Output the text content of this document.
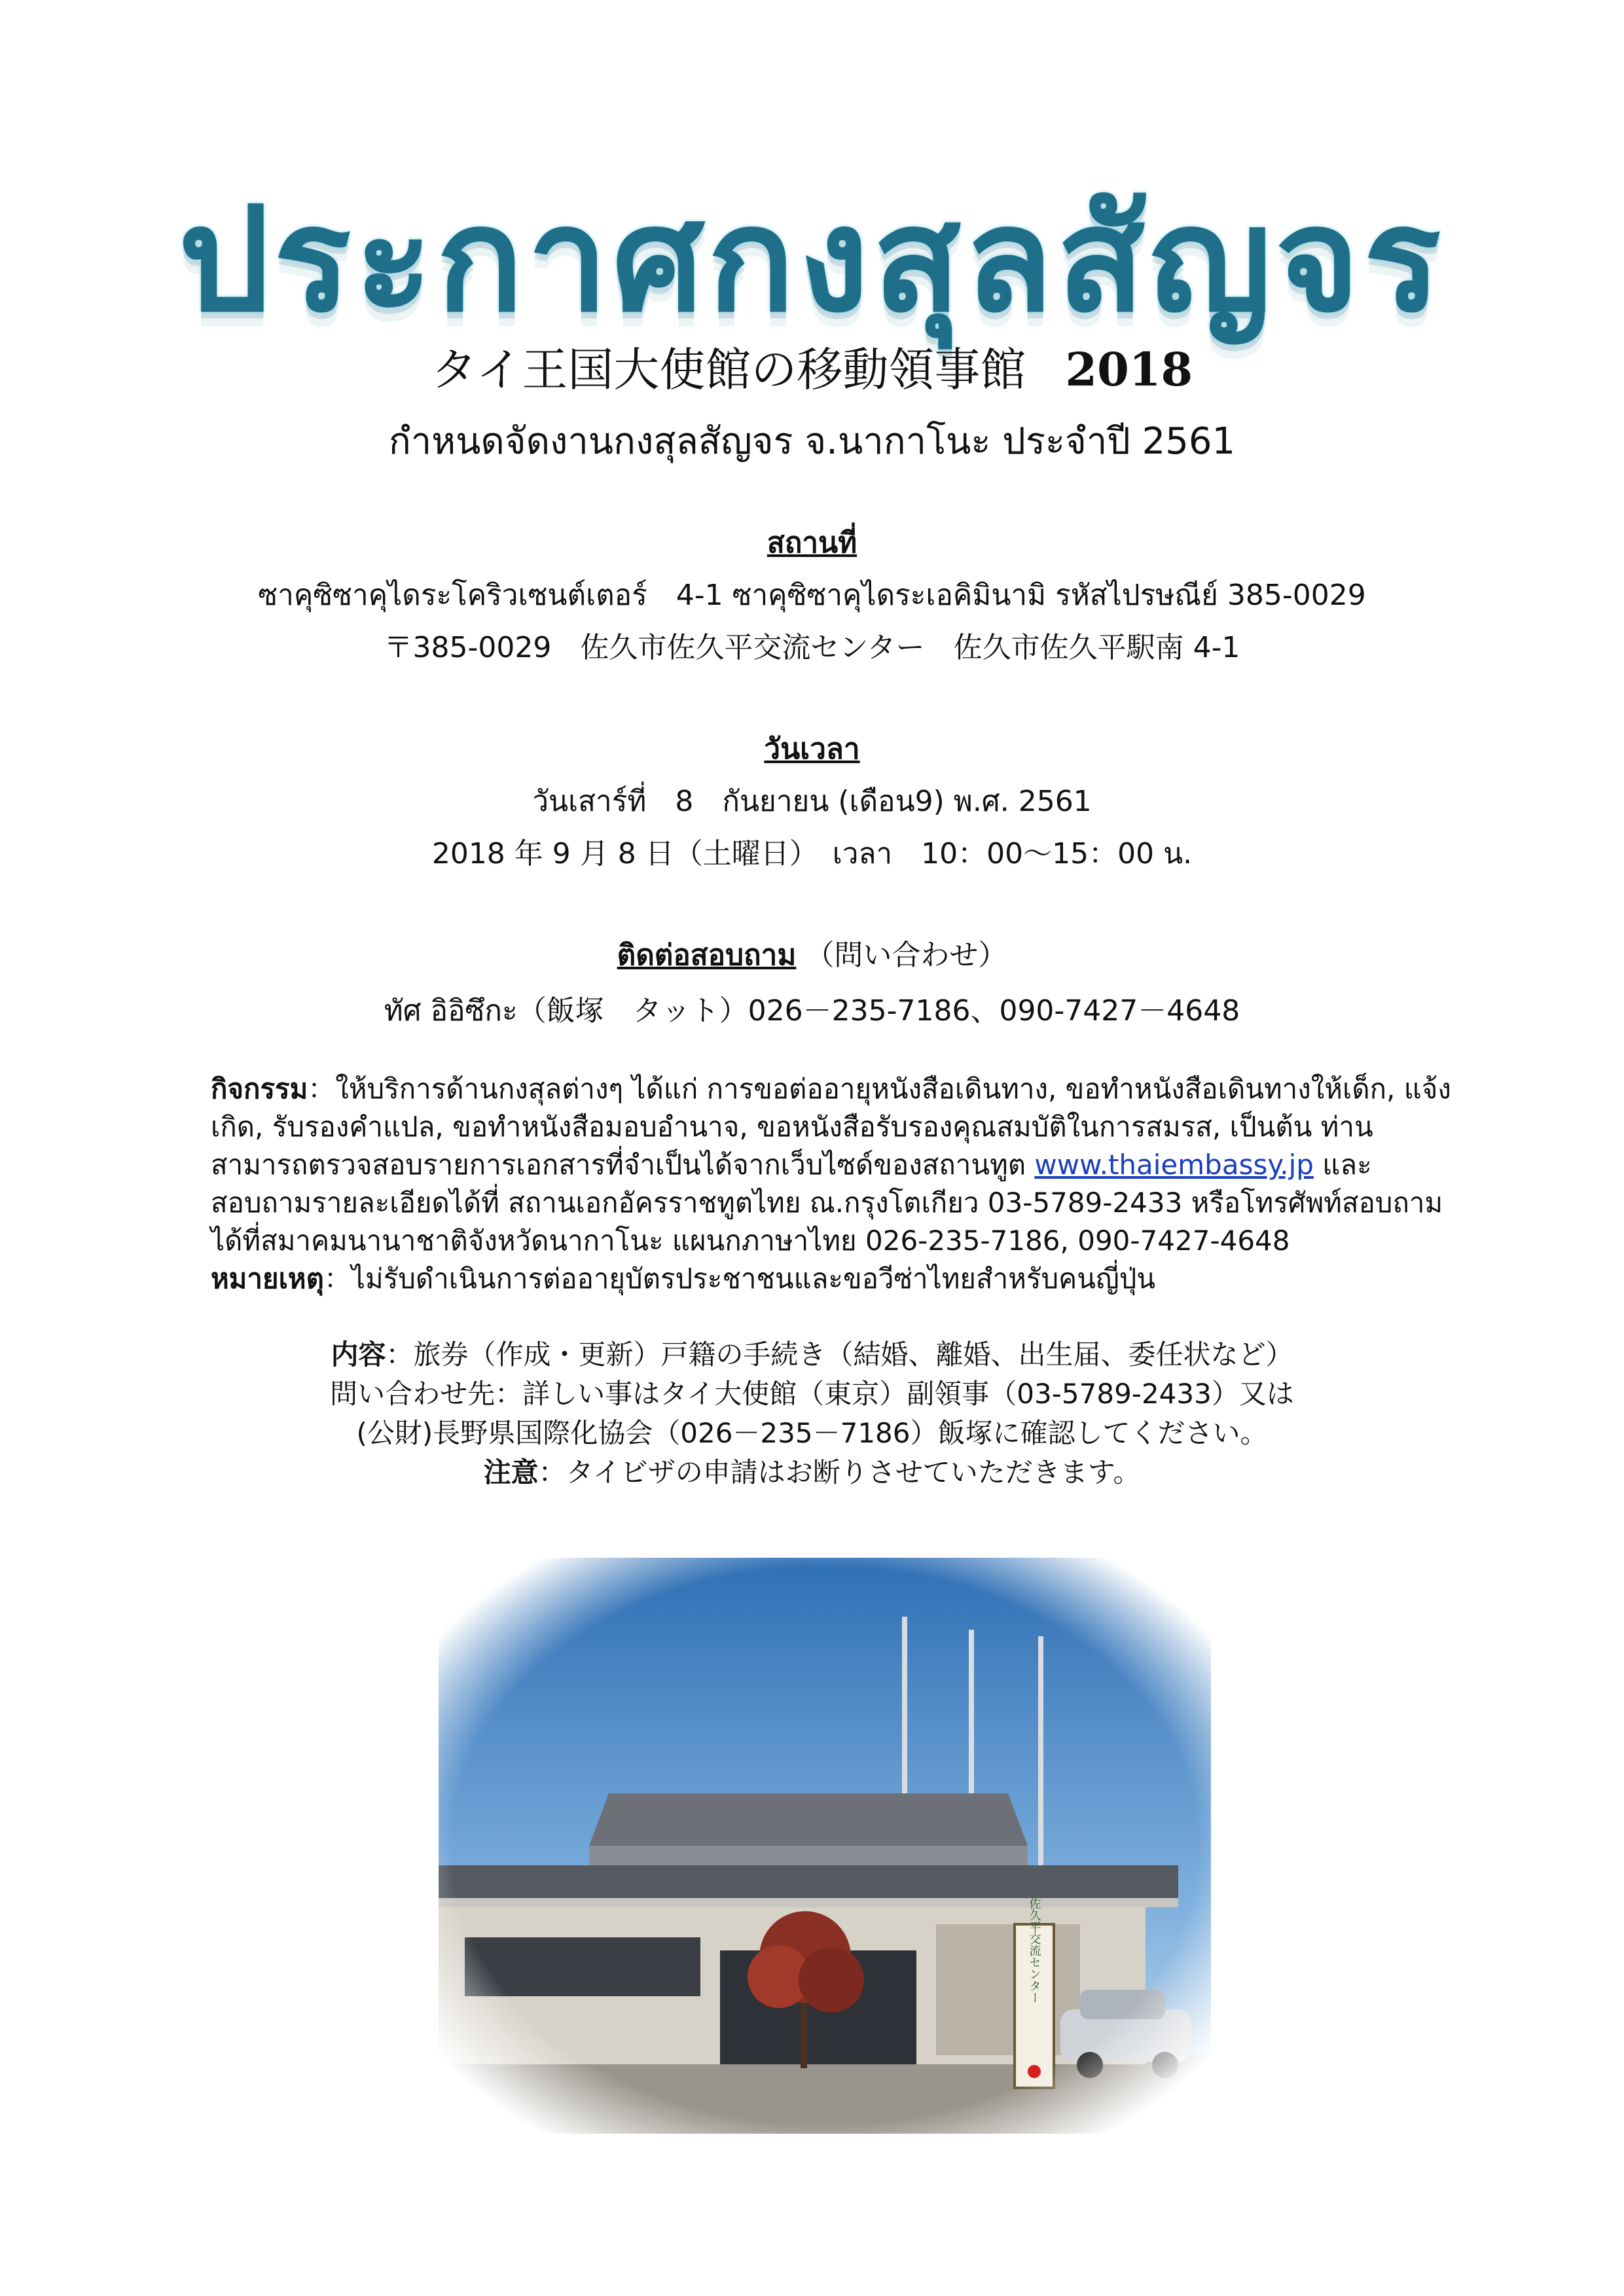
ประกาศกงสุลสัญจร
タイ王国大使館の移動領事館 2018
กำหนดจัดงานกงสุลสัญจร จ.นากาโนะ ประจำปี 2561
สถานที่
ซาคุซิซาคุไดระโคริวเซนต์เตอร์　4-1 ซาคุซิซาคุไดระเอคิมินามิ รหัสไปรษณีย์ 385-0029
〒385-0029　佐久市佐久平交流センター　佐久市佐久平駅南 4-1
วันเวลา
วันเสาร์ที่　8　กันยายน (เดือน9) พ.ศ. 2561
2018 年 9 月 8 日（土曜日）　เวลา　10：00～15：00 น.
ติดต่อสอบถาม （問い合わせ）
ทัศ อิอิซึกะ（飯塚　タット）026－235-7186、090-7427－4648
กิจกรรม：ให้บริการด้านกงสุลต่างๆ ได้แก่ การขอต่ออายุหนังสือเดินทาง, ขอทำหนังสือเดินทางให้เด็ก, แจ้งเกิด, รับรองคำแปล, ขอทำหนังสือมอบอำนาจ, ขอหนังสือรับรองคุณสมบัติในการสมรส, เป็นต้น ท่านสามารถตรวจสอบรายการเอกสารที่จำเป็นได้จากเว็บไซด์ของสถานทูต www.thaiembassy.jp และสอบถามรายละเอียดได้ที่ สถานเอกอัครราชทูตไทย ณ.กรุงโตเกียว 03-5789-2433 หรือโทรศัพท์สอบถามได้ที่สมาคมนานาชาติจังหวัดนากาโนะ แผนกภาษาไทย 026-235-7186, 090-7427-4648　หมายเหตุ：ไม่รับดำเนินการต่ออายุบัตรประชาชนและขอวีซ่าไทยสำหรับคนญี่ปุ่น
内容：旅券（作成・更新）戸籍の手続き（結婚、離婚、出生届、委任状など）
問い合わせ先：詳しい事はタイ大使館（東京）副領事（03-5789-2433）又は
(公財)長野県国際化協会（026－235－7186）飯塚に確認してください。
注意：タイビザの申請はお断りさせていただきます。
